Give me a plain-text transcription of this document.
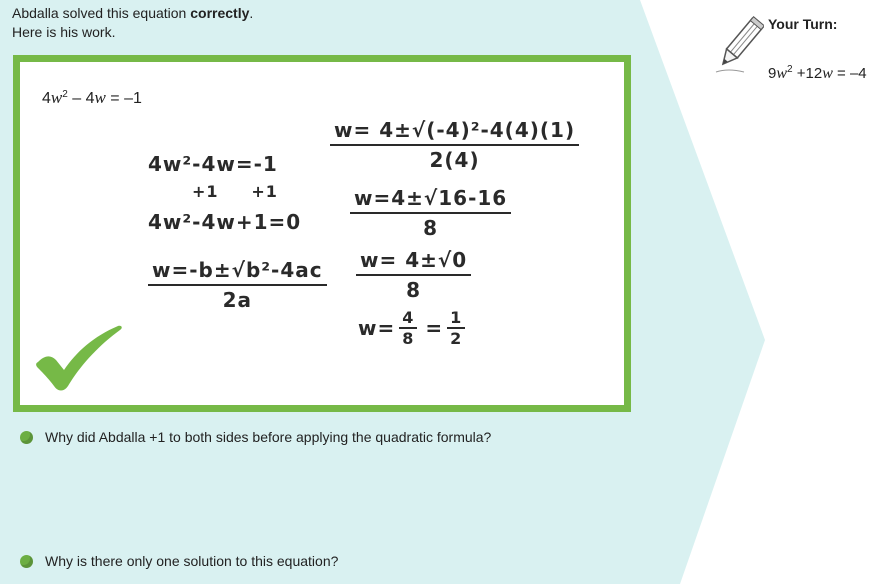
Abdalla solved this equation correctly.
Here is his work.
$4w^2 - 4w = -1$
4w²-4w=-1
+1     +1
4w²-4w+1=0
$\frac{\text{w=-b±√b²-4ac}}{2a}$
$\frac{\text{w= 4±√(-4)²-4(4)(1)}}{2(4)}$
$\frac{w=4\pm√16-16}{8}$
$\frac{w= 4\pm√0}{8}$
$w= \frac{4}{8} = \frac{1}{2}$
Why did Abdalla +1 to both sides before applying the quadratic formula?
Why is there only one solution to this equation?
Your Turn:
$9w^2 +12w = -4$
